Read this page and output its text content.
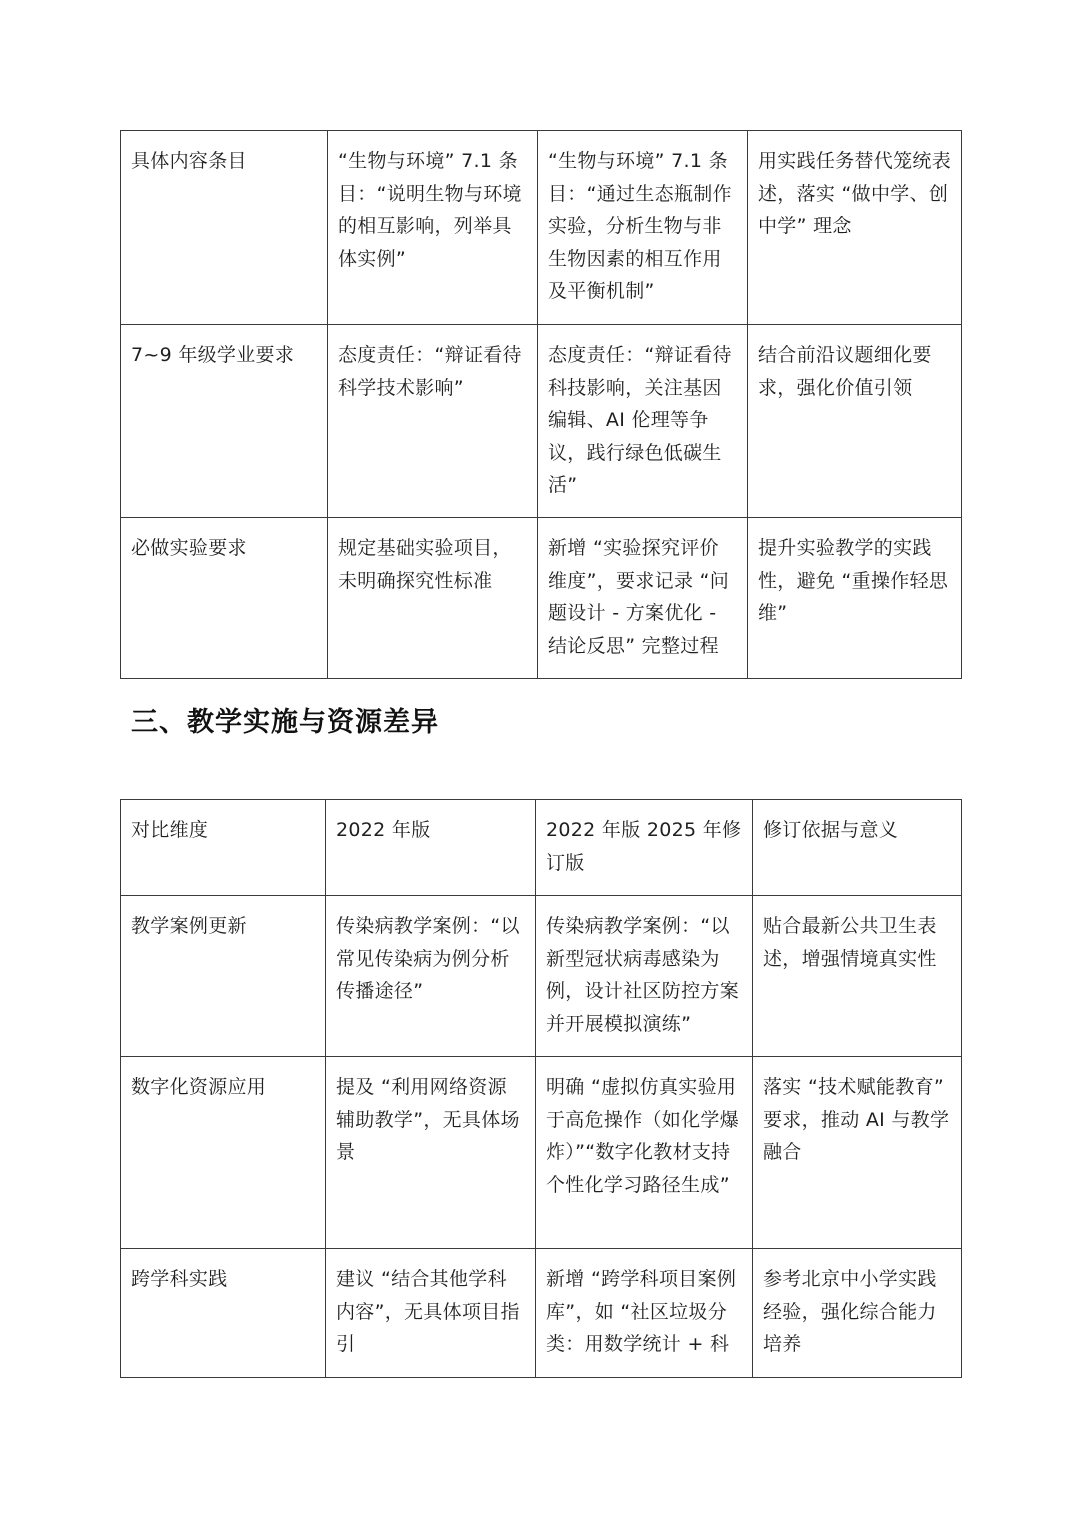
具体内容条目	“生物与环境” 7.1 条目：“说明生物与环境的相互影响，列举具体实例”	“生物与环境” 7.1 条目：“通过生态瓶制作实验，分析生物与非生物因素的相互作用及平衡机制”	用实践任务替代笼统表述，落实 “做中学、创中学” 理念
7~9 年级学业要求	态度责任：“辩证看待科学技术影响”	态度责任：“辩证看待科技影响，关注基因编辑、AI 伦理等争议，践行绿色低碳生活”	结合前沿议题细化要求，强化价值引领
必做实验要求	规定基础实验项目，未明确探究性标准	新增 “实验探究评价维度”，要求记录 “问题设计 - 方案优化 - 结论反思” 完整过程	提升实验教学的实践性，避免 “重操作轻思维”
三、教学实施与资源差异
对比维度	2022 年版	2022 年版 2025 年修订版	修订依据与意义
教学案例更新	传染病教学案例：“以常见传染病为例分析传播途径”	传染病教学案例：“以新型冠状病毒感染为例，设计社区防控方案并开展模拟演练”	贴合最新公共卫生表述，增强情境真实性
数字化资源应用	提及 “利用网络资源辅助教学”，无具体场景	明确 “虚拟仿真实验用于高危操作（如化学爆炸）”“数字化教材支持个性化学习路径生成”	落实 “技术赋能教育” 要求，推动 AI 与教学融合
跨学科实践	建议 “结合其他学科内容”，无具体项目指引	新增 “跨学科项目案例库”，如 “社区垃圾分类：用数学统计 + 科	参考北京中小学实践经验，强化综合能力培养
